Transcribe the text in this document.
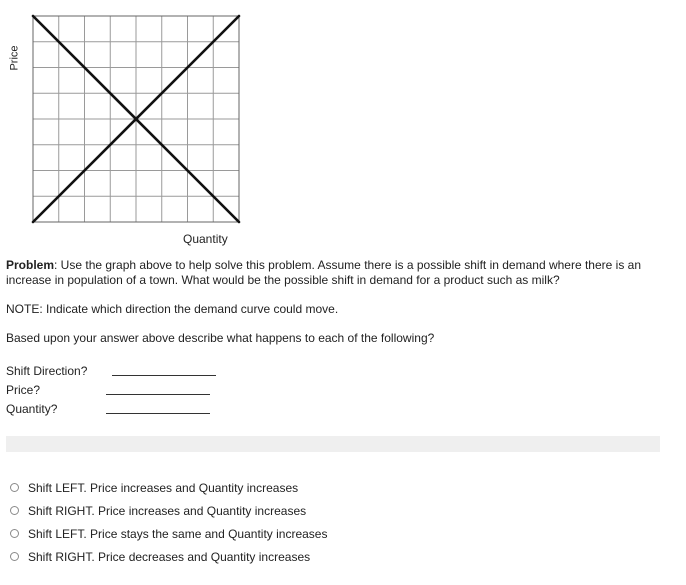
Price
Quantity
Problem: Use the graph above to help solve this problem. Assume there is a possible shift in demand where there is an increase in population of a town. What would be the possible shift in demand for a product such as milk?
NOTE: Indicate which direction the demand curve could move.
Based upon your answer above describe what happens to each of the following?
Shift Direction?
Price?
Quantity?
Shift LEFT. Price increases and Quantity increases
Shift RIGHT. Price increases and Quantity increases
Shift LEFT. Price stays the same and Quantity increases
Shift RIGHT. Price decreases and Quantity increases
